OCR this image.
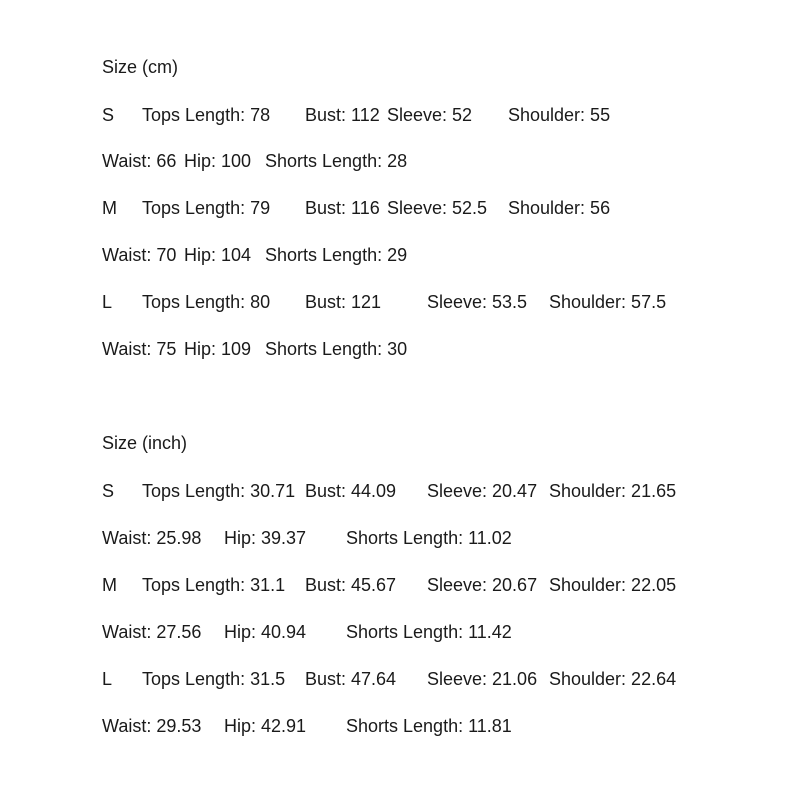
Size (cm)
S Tops Length: 78 Bust: 112 Sleeve: 52 Shoulder: 55
Waist: 66 Hip: 100 Shorts Length: 28
M Tops Length: 79 Bust: 116 Sleeve: 52.5 Shoulder: 56
Waist: 70 Hip: 104 Shorts Length: 29
L Tops Length: 80 Bust: 121	Sleeve: 53.5 Shoulder: 57.5
Waist: 75 Hip: 109 Shorts Length: 30
Size (inch)
S Tops Length: 30.71 Bust: 44.09 Sleeve: 20.47 Shoulder: 21.65
Waist: 25.98 Hip: 39.37 Shorts Length: 11.02
M Tops Length: 31.1 Bust: 45.67 Sleeve: 20.67 Shoulder: 22.05
Waist: 27.56 Hip: 40.94 Shorts Length: 11.42
L Tops Length: 31.5 Bust: 47.64 Sleeve: 21.06 Shoulder: 22.64
Waist: 29.53 Hip: 42.91 Shorts Length: 11.81
